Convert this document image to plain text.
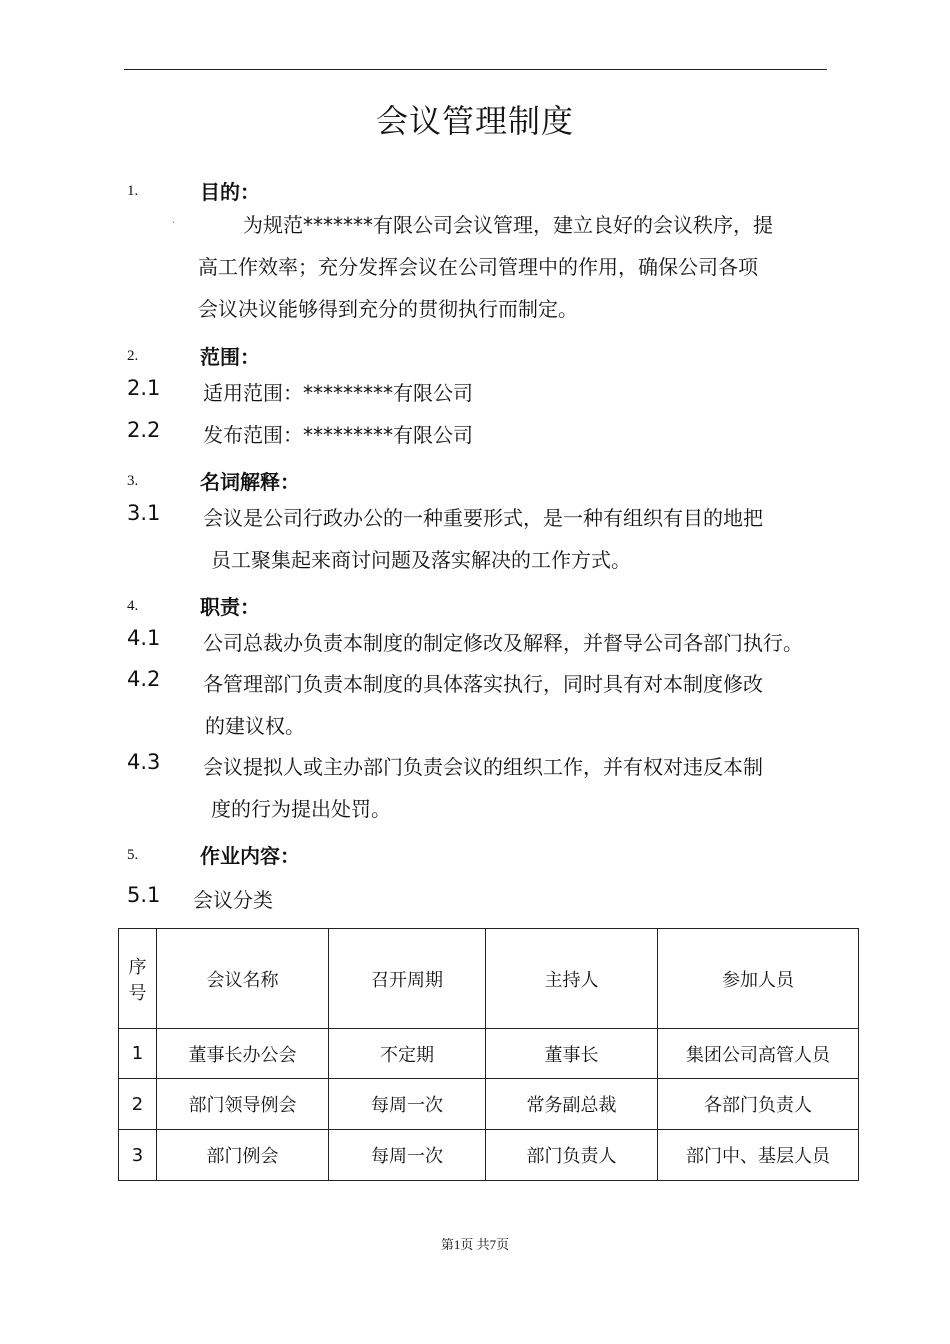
会议管理制度
1.	目的：
·	为规范*******有限公司会议管理，建立良好的会议秩序，提
高工作效率；充分发挥会议在公司管理中的作用，确保公司各项
会议决议能够得到充分的贯彻执行而制定。
2.	范围：
2.1 适用范围：*********有限公司
2.2 发布范围：*********有限公司
3.	名词解释：
3.1 会议是公司行政办公的一种重要形式，是一种有组织有目的地把
员工聚集起来商讨问题及落实解决的工作方式。
4.	职责：
4.1 公司总裁办负责本制度的制定修改及解释，并督导公司各部门执行。
4.2 各管理部门负责本制度的具体落实执行，同时具有对本制度修改
的建议权。
4.3 会议提拟人或主办部门负责会议的组织工作，并有权对违反本制
度的行为提出处罚。
5.	作业内容：
5.1 会议分类
序
号	会议名称	召开周期	主持人	参加人员
1	董事长办公会	不定期	董事长	集团公司高管人员
2	部门领导例会	每周一次	常务副总裁	各部门负责人
3	部门例会	每周一次	部门负责人	部门中、基层人员
第1页 共7页
